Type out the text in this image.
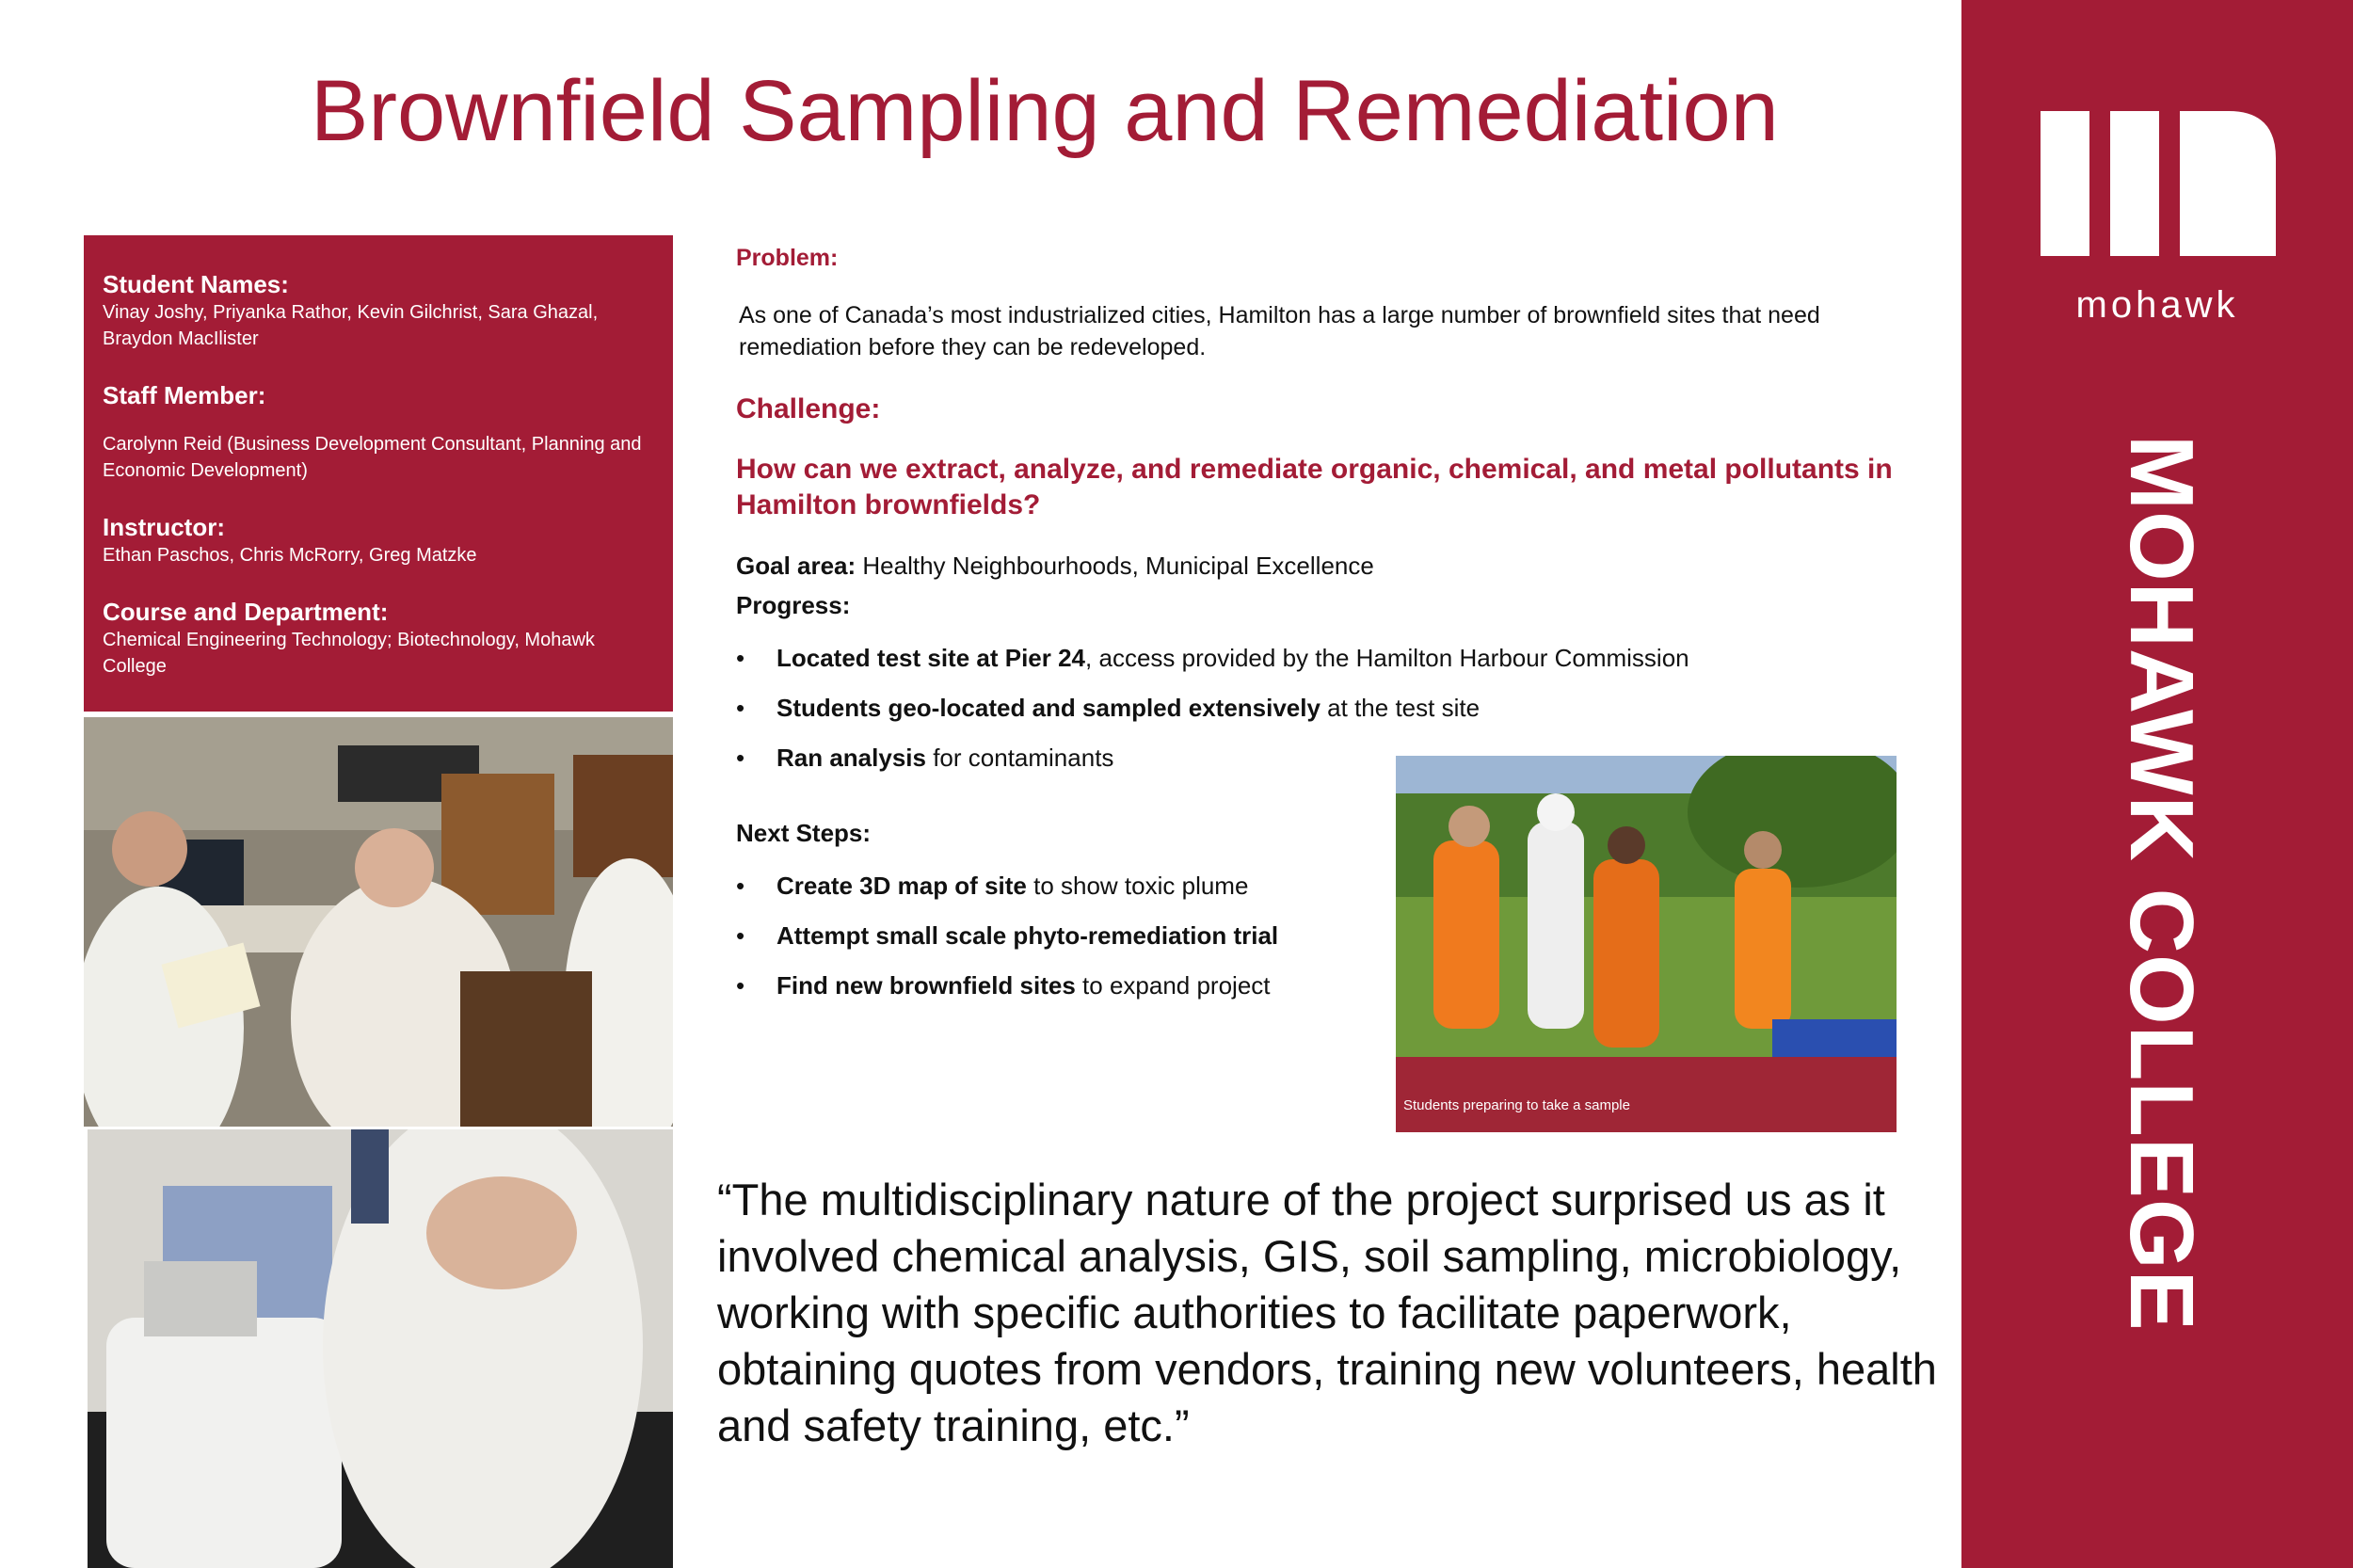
Brownfield Sampling and Remediation
Student Names:
Vinay Joshy, Priyanka Rathor, Kevin Gilchrist, Sara Ghazal, Braydon MacIlister
Staff Member:
Carolynn Reid (Business Development Consultant, Planning and Economic Development)
Instructor:
Ethan Paschos, Chris McRorry, Greg Matzke
Course and Department:
Chemical Engineering Technology; Biotechnology, Mohawk College
Problem:
As one of Canada’s most industrialized cities, Hamilton has a large number of brownfield sites that need remediation before they can be redeveloped.
Challenge:
How can we extract, analyze, and remediate organic, chemical, and metal pollutants in Hamilton brownfields?
Goal area: Healthy Neighbourhoods, Municipal Excellence
Progress:
• Located test site at Pier 24, access provided by the Hamilton Harbour Commission
• Students geo-located and sampled extensively at the test site
• Ran analysis for contaminants
Next Steps:
• Create 3D map of site to show toxic plume
• Attempt small scale phyto-remediation trial
• Find new brownfield sites to expand project
Students preparing to take a sample
“The multidisciplinary nature of the project surprised us as it involved chemical analysis, GIS, soil sampling, microbiology, working with specific authorities to facilitate paperwork, obtaining quotes from vendors, training new volunteers, health and safety training, etc.”
mohawk
MOHAWK COLLEGE
